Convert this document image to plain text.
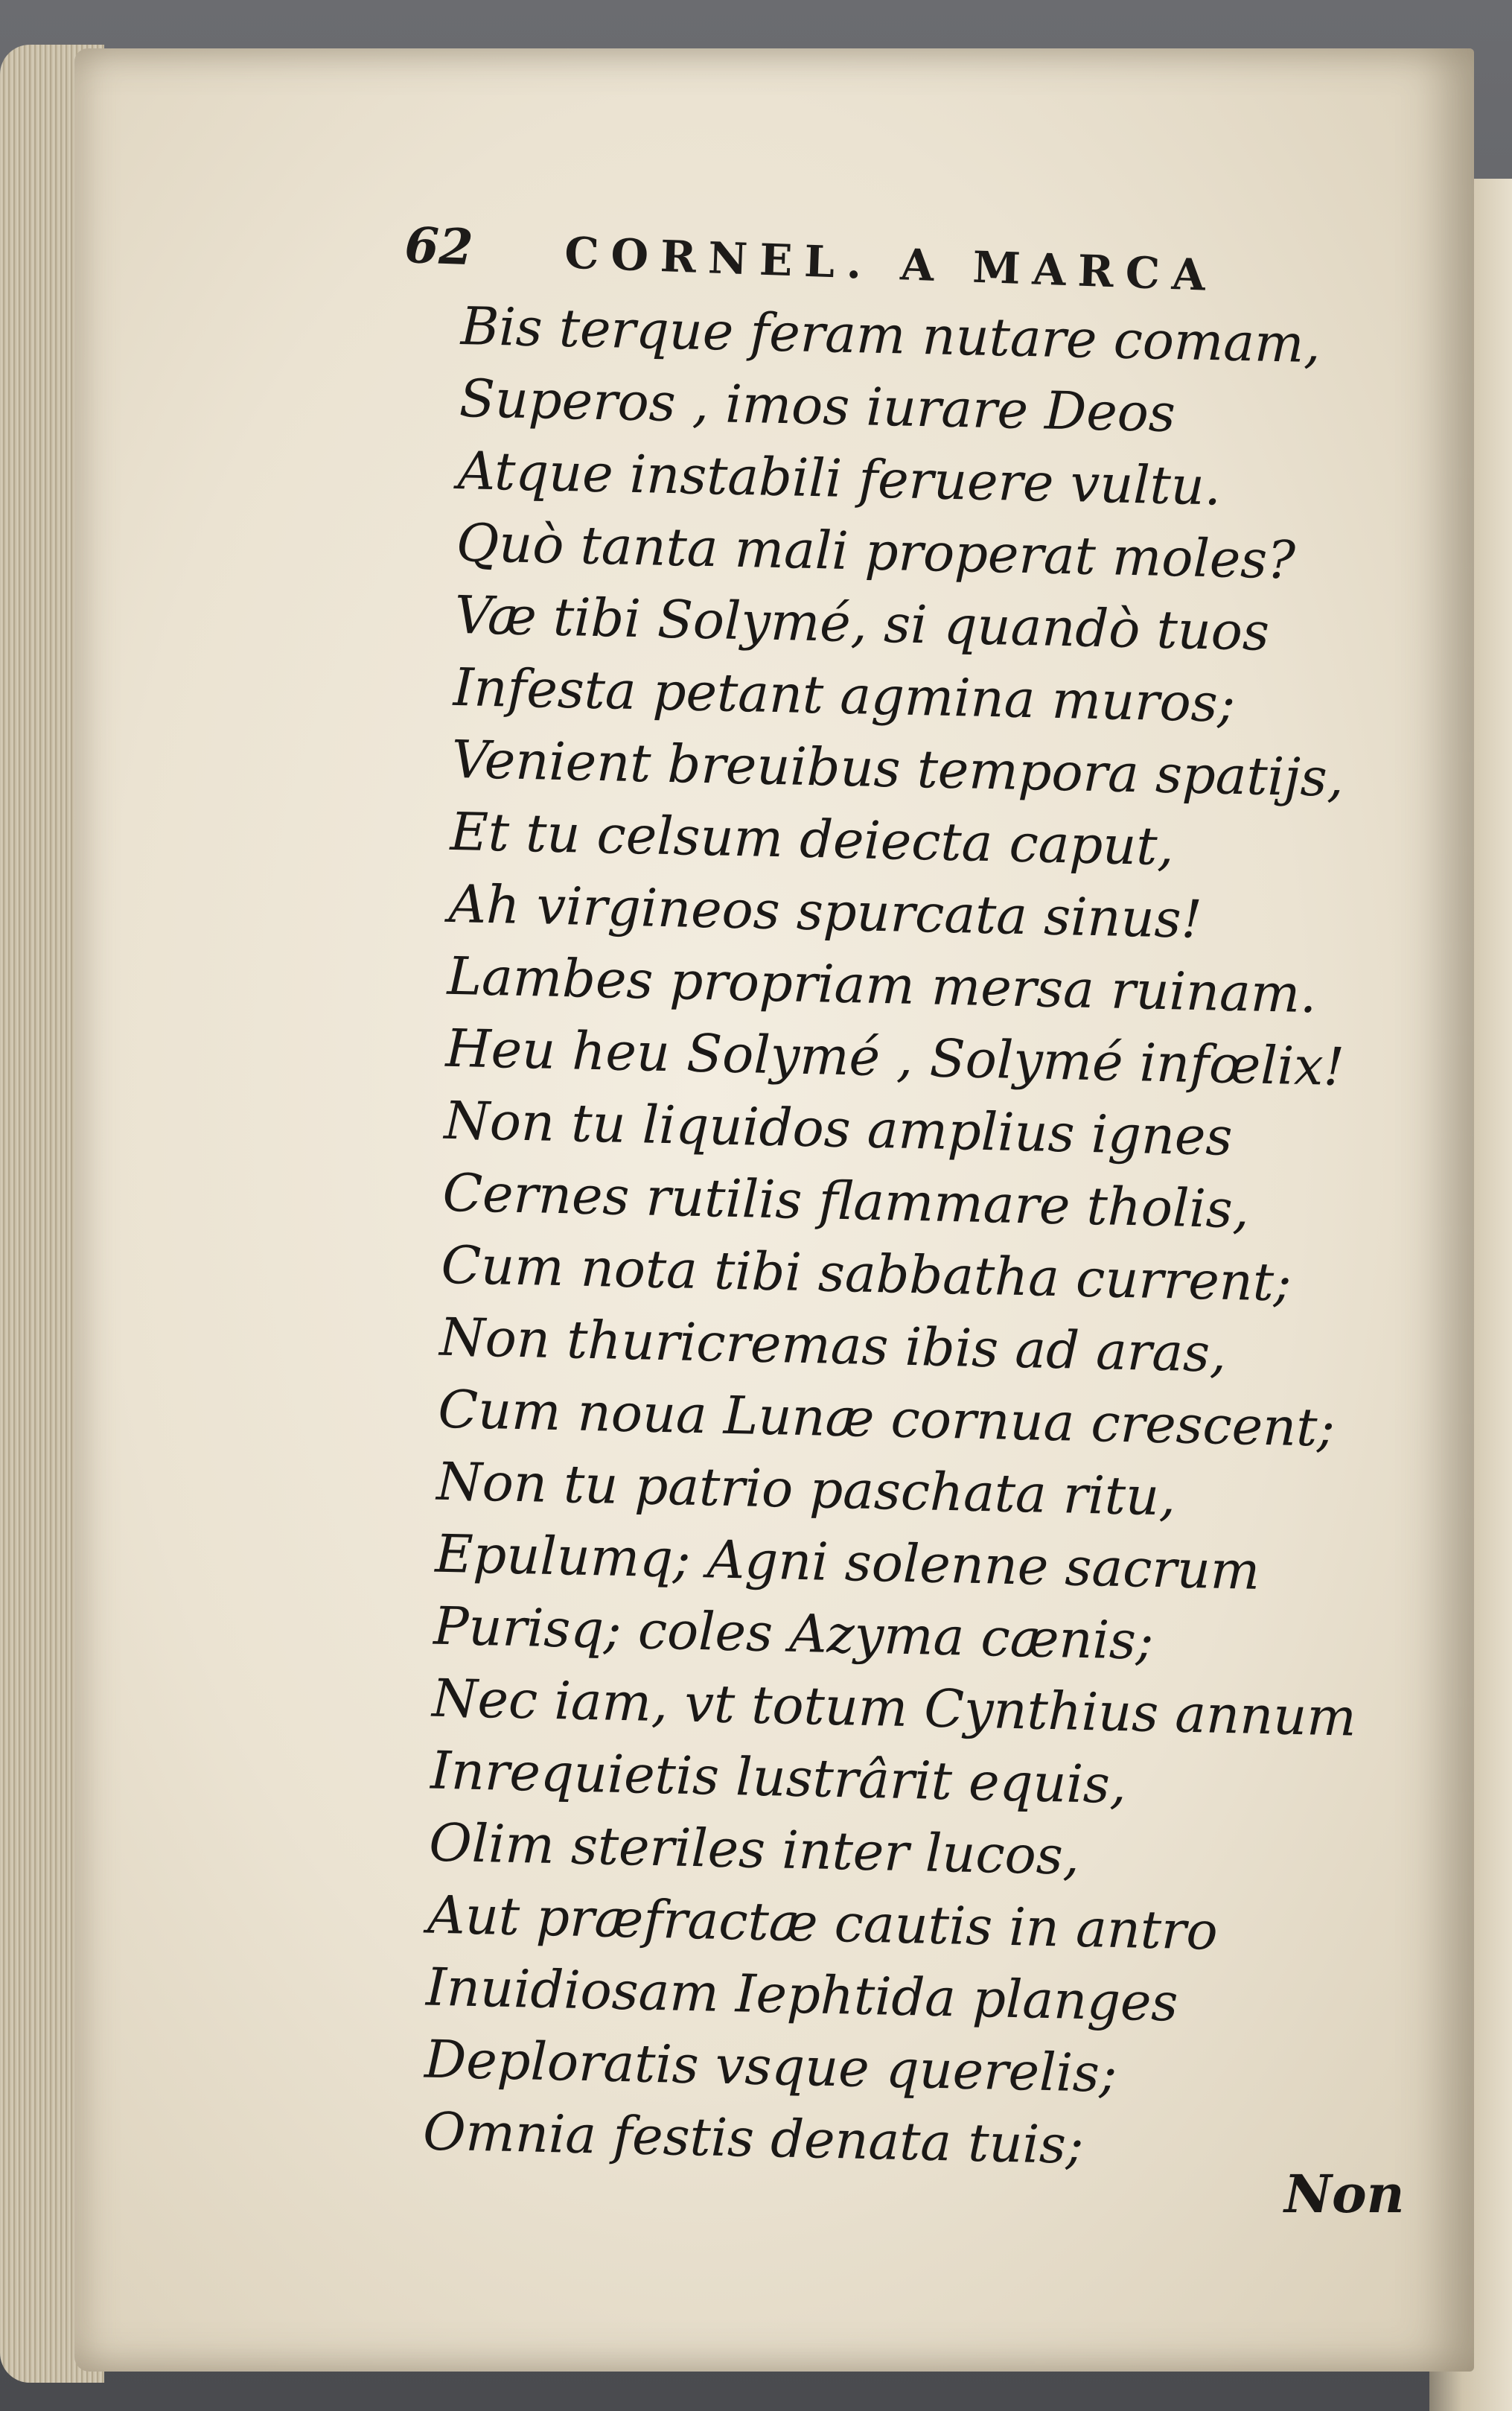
62 CORNEL. A MARCA
Bis terque feram nutare comam,
Superos , imos iurare Deos
Atque instabili feruere vultu.
Quò tanta mali properat moles?
Væ tibi Solymé, si quandò tuos
Infesta petant agmina muros;
Venient breuibus tempora spatijs,
Et tu celsum deiecta caput,
Ah virgineos spurcata sinus!
Lambes propriam mersa ruinam.
Heu heu Solymé , Solymé infœlix!
Non tu liquidos amplius ignes
Cernes rutilis flammare tholis,
Cum nota tibi sabbatha current;
Non thuricremas ibis ad aras,
Cum noua Lunæ cornua crescent;
Non tu patrio paschata ritu,
Epulumq; Agni solenne sacrum
Purisq; coles Azyma cænis;
Nec iam, vt totum Cynthius annum
Inrequietis lustrârit equis,
Olim steriles inter lucos,
Aut præfractæ cautis in antro
Inuidiosam Iephtida planges
Deploratis vsque querelis;
Omnia festis denata tuis;
Non
